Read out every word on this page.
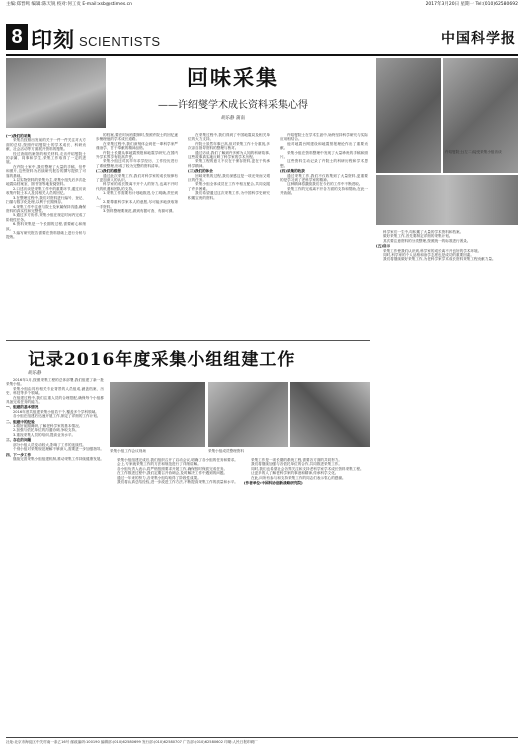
主编:郑晋鸣 编辑:陈天锐 校对:何工贡 E-mail:xsb@stimes.cn	2017年3月20日 星期一 Tel:(010)62580692
8 印刻 SCIENTISTS	中国科学报
回味采集
——许绍燮学术成长资料采集心得
胡乐静 蒲南
许绍燮院士(左二)接受采集小组访谈

(一)我们的采集

采集员按照出发前的关于一件一件关注对大方面的总结,按照许绍燮院士的学术成长、科研贡献、社会活动等方面展开资料的搜集。

经过查阅档案馆的相关材料,走访许绍燮院士的亲属、同事和学生,采集工作取得了一定的进展。

在许院士家中,我们整理了大量的手稿、信件和照片,这些资料为后续研究报告的撰写提供了可靠的基础。

1.以实物资料的采集为主,采集小组先后多次赴地震局档案室、图书馆等地查阅资料。

2.口述访谈是采集工作中的重要环节,通过访谈收集许院士本人及其相关人员的回忆。

3.在整理过程中,我们对资料进行编号、登记、扫描与数字化处理,以利于长期保存。

4.采集工作中注意与院士及家属保持沟通,确保资料的真实性和完整性。

5.通过多方协作,采集小组在规定时间内完成了阶段性任务。

6.资料采集是一个长期的过程,需要耐心和细致。

7.编写研究报告需要在资料基础上进行分析与提炼。

的档案,要在时间有限制时,按照许院士的回忆逐步梳理他的学术成长道路。

在采集过程中,我们深刻体会到老一辈科学家严谨治学、甘于奉献的精神品格。

许院士长期从事地震预报和地震学研究,在国内外学术界享有较高声誉。

采集小组还对其早年求学经历、工作经历进行了系统整理,形成了较为完整的资料清单。

(二)我们的感想

通过此次采集工作,我们对科学家的成长规律有了更加深入的认识。

科学家的成长既离不开个人的努力,也离不开时代的机遇和团队的支持。

1.采集工作需要有计划地推进,分工明确,责任到人。

2.要尊重科学家本人的意愿,尽可能多地获取第一手资料。

3.资料整理要规范,做到有据可查、有源可溯。

在采集过程中,我们得到了中国地震局及相关单位的大力支持。

许院士虽然年事已高,但对采集工作十分重视,多次亲自指导资料的整理与核对。

通过访谈,我们了解到许多鲜为人知的科研故事,这些故事真实地反映了科学家的学术历程。

采集工程的意义不仅在于保存资料,更在于传承科学精神。

(三)我们的体会

回味采集的过程,我们深感这是一项光荣而又艰巨的任务。

采集小组全体成员在工作中相互配合,共同克服了许多困难。

我们希望通过这次采集工作,为中国科学史研究积累宝贵的资料。

许绍燮院士在学术生涯中,始终坚持科学研究与实际应用相结合。

他对地震台网建设和地震预报理论作出了重要贡献。

采集小组在资料整理中发现了大量珍贵的手稿和照片。

这些资料生动记录了许院士的科研历程和学术思想。

(四)采集的收获

通过采集工作,我们不仅收集到了大量资料,更重要的是学习到了老科学家的精神。

这种精神将激励我们在今后的工作中不断进取。

采集工作的完成离不开各方面的支持和帮助,在此一并致谢。

科学家们一生中,均积累了大量的学术资料和档案。

做好采集工作,首先要制定详细的采集计划。

其次要注意资料的分类整理,按照统一的标准进行著录。

(五)启示

采集工作使我们认识到,科学家的成长离不开良好的学术环境。

同时,科学家的个人品格和治学态度也是成功的重要因素。

我们将继续做好采集工作,为老科学家学术成长资料采集工程贡献力量。

记录2016年度采集小组组建工作
胡乐静
采集小组工作会议现场	采集小组成员整理资料

2016年1月,按照采集工程的总体部署,我们组建了新一批采集小组。

采集小组由具有相关专业背景的人员组成,涵盖档案、历史、科技等多个领域。

在组建过程中,我们注重人员的合理搭配,确保每个小组都具备完成任务的能力。

一、组建的基本情况

2016年度共组建采集小组若干个,覆盖多个学科领域。

各小组在组建后迅速开展工作,制定了详细的工作计划。

二、组建中的经验

1.做好前期调研,了解老科学家的基本情况。

2.加强与依托单位的沟通协调,争取支持。

3.重视采集人员的培训,提高业务水平。

三、存在的问题

部分小组人员变动较大,影响了工作的连续性。

个别小组对采集规范理解不够深入,需要进一步加强指导。

四、下一步工作

继续完善采集小组组建机制,推动采集工作持续健康发展。	采集小组组建完成后,我们组织召开了启动会议,明确了各小组的任务和要求。

会上,专家就采集工作的方法和规范进行了详细讲解。

各小组负责人表示,将严格按照要求开展工作,确保按时保质完成任务。

在工作推进过程中,我们定期召开协调会,及时解决工作中遇到的问题。

通过一年来的努力,各采集小组均取得了阶段性成果。

我们将认真总结经验,进一步改进工作方法,不断提高采集工作的质量和水平。

采集工作是一项长期的系统工程,需要各方面的共同努力。

我们将继续加强与各依托单位的合作,共同推进采集工作。

同时,我们也希望社会各界关注和支持老科学家学术成长资料采集工程。

让更多的人了解老科学家的事迹和精神,传承科学文化。

在此,向所有参与和支持采集工作的同志们表示衷心的感谢。

(作者单位:中国科协创新战略研究院)

社址:北京市海淀区中关村南一条乙16号 邮政编码:100190 编辑部:(010)62580699 发行部:(010)62580707 广告部:(010)62580602 印刷:人民日报印刷厂
